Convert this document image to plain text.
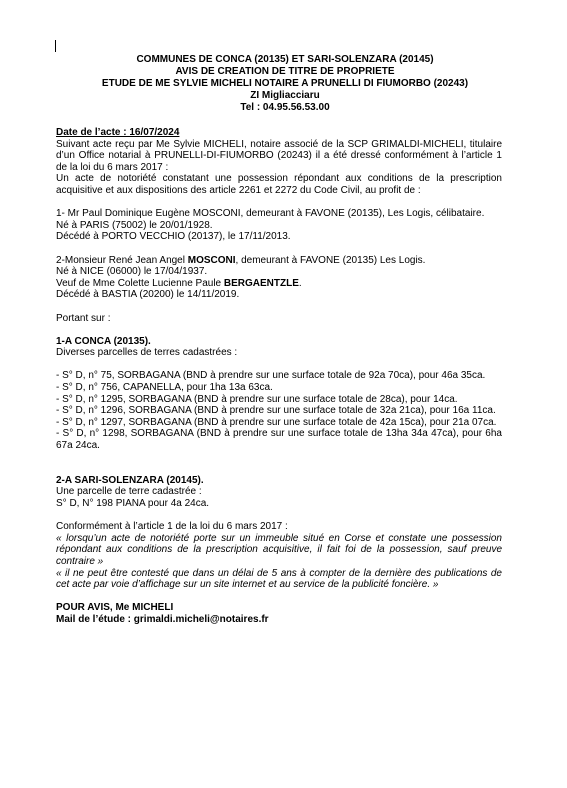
COMMUNES DE CONCA (20135) ET SARI-SOLENZARA (20145)
AVIS DE CREATION DE TITRE DE PROPRIETE
ETUDE DE ME SYLVIE MICHELI NOTAIRE A PRUNELLI DI FIUMORBO (20243)
ZI Migliacciaru
Tel : 04.95.56.53.00

Date de l’acte : 16/07/2024

Suivant acte reçu par Me Sylvie MICHELI, notaire associé de la SCP GRIMALDI-MICHELI, titulaire d’un Office notarial à PRUNELLI-DI-FIUMORBO (20243) il a été dressé conformément à l’article 1 de la loi du 6 mars 2017 :

Un acte de notoriété constatant une possession répondant aux conditions de la prescription acquisitive et aux dispositions des article 2261 et 2272 du Code Civil, au profit de :

1- Mr Paul Dominique Eugène MOSCONI, demeurant à FAVONE (20135), Les Logis, célibataire.

Né à PARIS (75002) le 20/01/1928.

Décédé à PORTO VECCHIO (20137), le 17/11/2013.

2-Monsieur René Jean Angel MOSCONI, demeurant à FAVONE (20135) Les Logis.

Né à NICE (06000) le 17/04/1937.

Veuf de Mme Colette Lucienne Paule BERGAENTZLE.

Décédé à BASTIA (20200) le 14/11/2019.

Portant sur :

1-A CONCA (20135).

Diverses parcelles de terres cadastrées :

- S° D, n° 75, SORBAGANA (BND à prendre sur une surface totale de 92a 70ca), pour 46a 35ca.

- S° D, n° 756, CAPANELLA, pour 1ha 13a 63ca.

- S° D, n° 1295, SORBAGANA (BND à prendre sur une surface totale de 28ca), pour 14ca.

- S° D, n° 1296, SORBAGANA (BND à prendre sur une surface totale de 32a 21ca), pour 16a 11ca.

- S° D, n° 1297, SORBAGANA (BND à prendre sur une surface totale de 42a 15ca), pour 21a 07ca.

- S° D, n° 1298, SORBAGANA (BND à prendre sur une surface totale de 13ha 34a 47ca), pour 6ha 67a 24ca.

2-A SARI-SOLENZARA (20145).

Une parcelle de terre cadastrée :

S° D, N° 198 PIANA pour 4a 24ca.

Conformément à l’article 1 de la loi du 6 mars 2017 :

« lorsqu’un acte de notoriété porte sur un immeuble situé en Corse et constate une possession répondant aux conditions de la prescription acquisitive, il fait foi de la possession, sauf preuve contraire »

« il ne peut être contesté que dans un délai de 5 ans à compter de la dernière des publications de cet acte par voie d’affichage sur un site internet et au service de la publicité foncière. »

POUR AVIS, Me MICHELI

Mail de l’étude : grimaldi.micheli@notaires.fr
